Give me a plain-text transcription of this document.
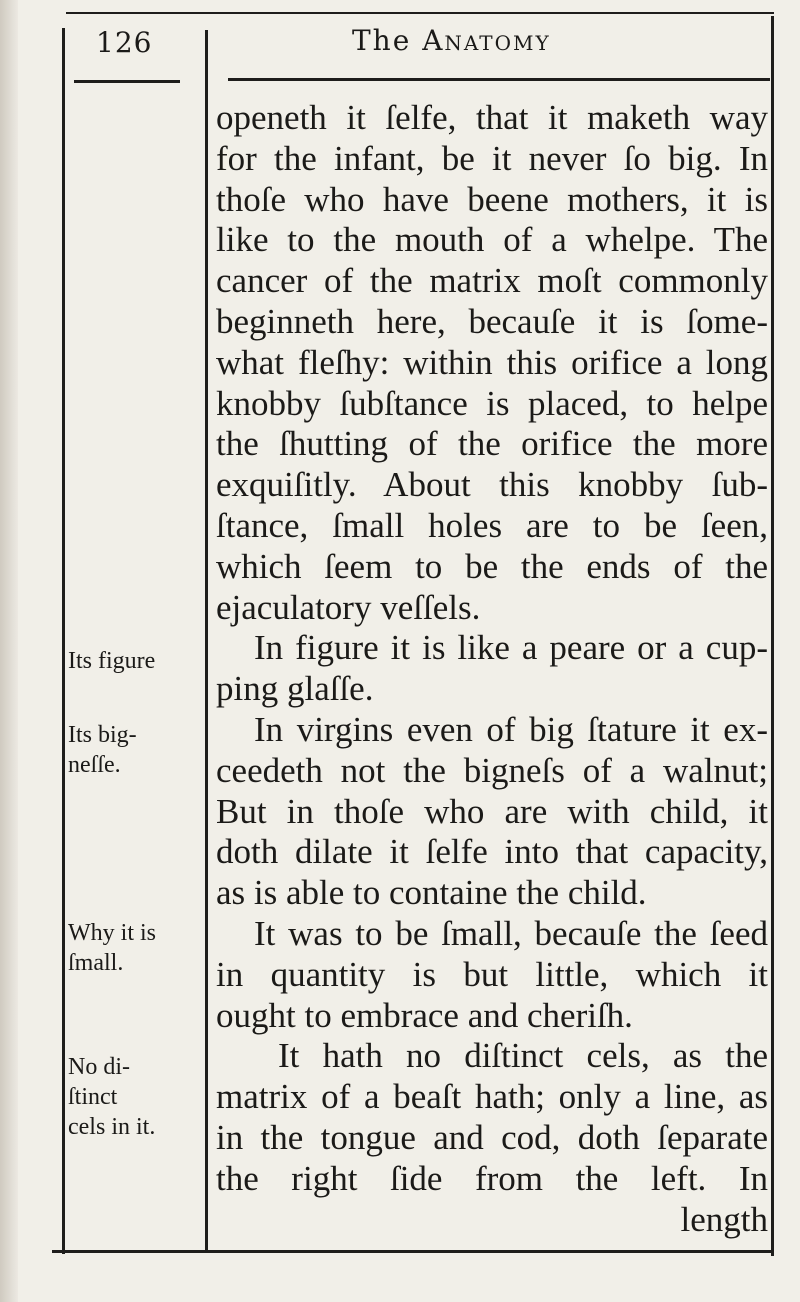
126	The Anatomy
openeth it ſelfe, that it maketh way
for the infant, be it never ſo big. In
thoſe who have beene mothers, it is
like to the mouth of a whelpe. The
cancer of the matrix moſt commonly
beginneth here, becauſe it is ſome-
what fleſhy: within this orifice a long
knobby ſubſtance is placed, to helpe
the ſhutting of the orifice the more
exquiſitly. About this knobby ſub-
ſtance, ſmall holes are to be ſeen,
which ſeem to be the ends of the
ejaculatory veſſels.
In figure it is like a peare or a cup-
ping glaſſe.
In virgins even of big ſtature it ex-
ceedeth not the bigneſs of a walnut;
But in thoſe who are with child, it
doth dilate it ſelfe into that capacity,
as is able to containe the child.
It was to be ſmall, becauſe the ſeed
in quantity is but little, which it
ought to embrace and cheriſh.
It hath no diſtinct cels, as the
matrix of a beaſt hath; only a line, as
in the tongue and cod, doth ſeparate
the right ſide from the left. In
length
Its figure
Its big-
neſſe.
Why it is
ſmall.
No di-
ſtinct
cels in it.
